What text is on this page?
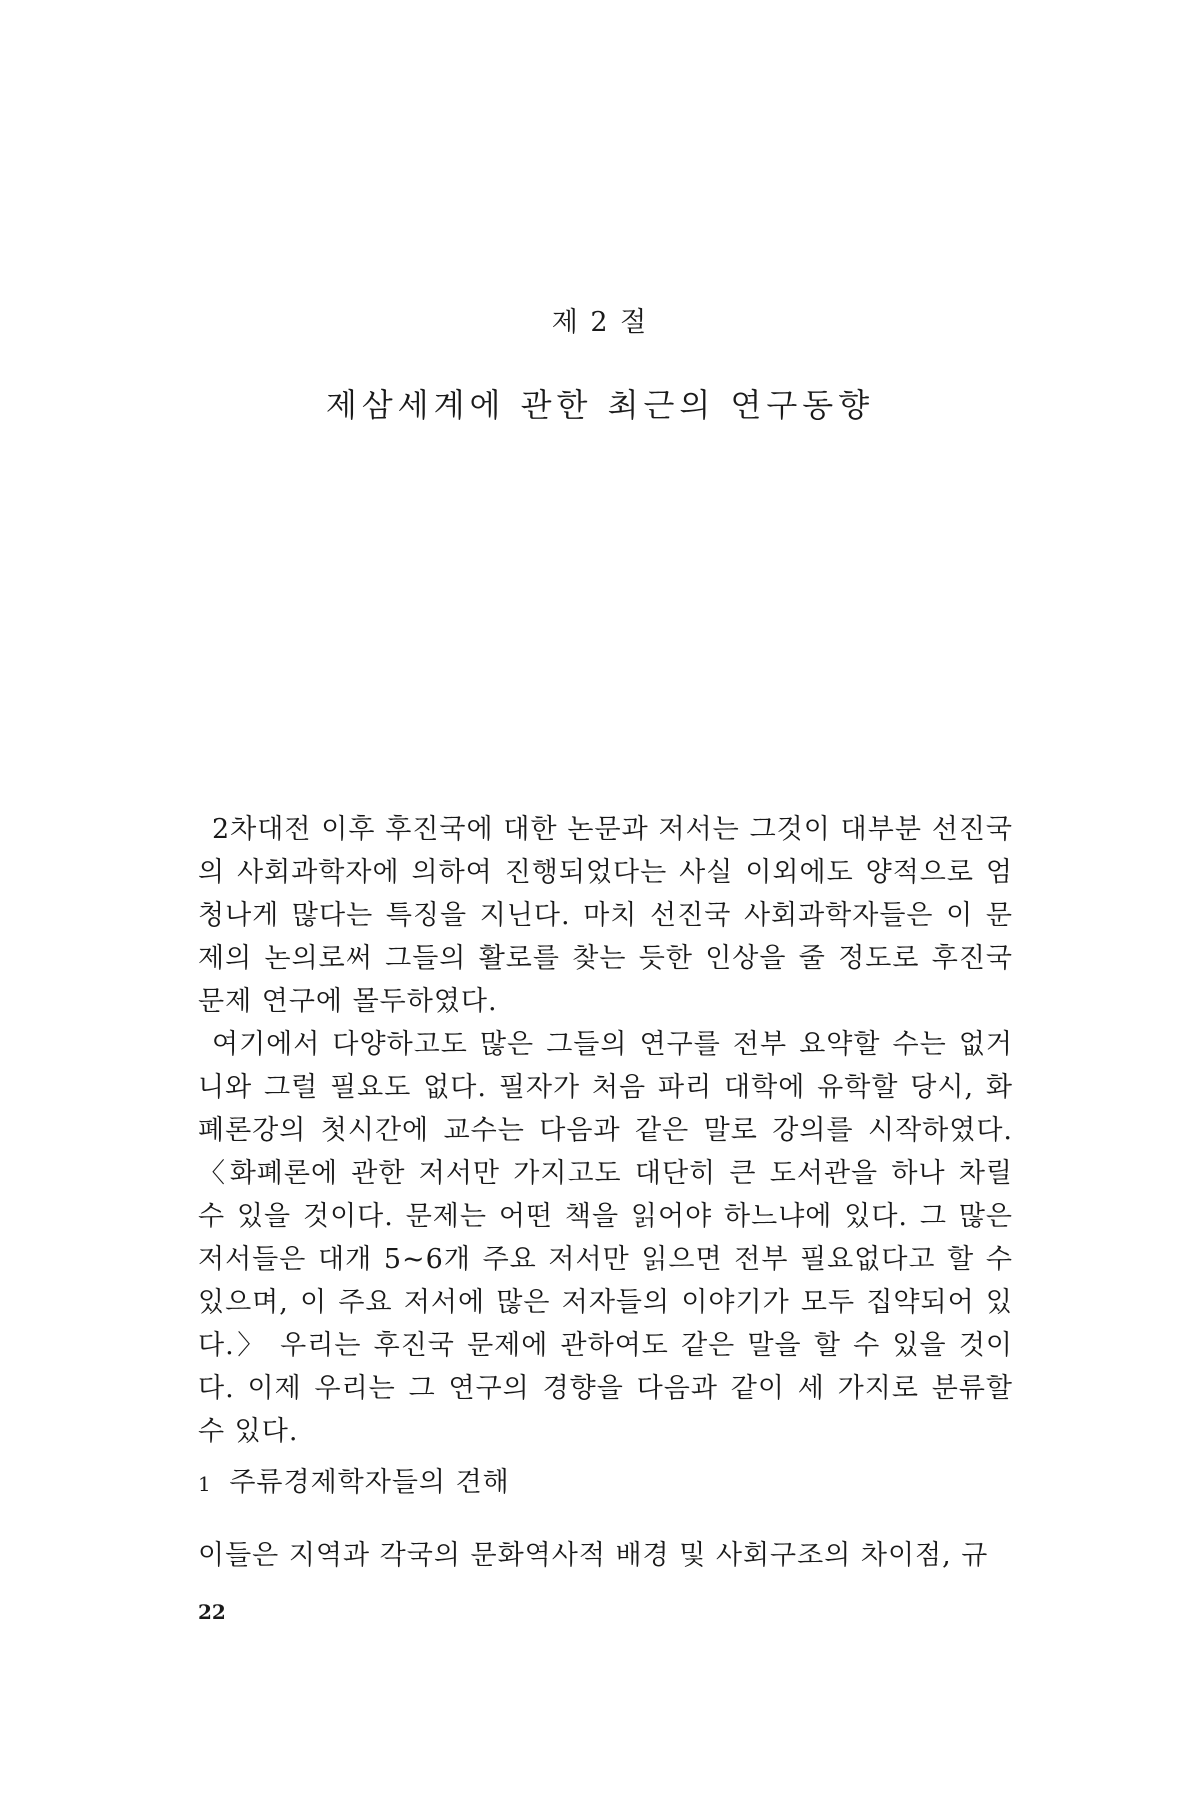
제 2 절
제삼세계에 관한 최근의 연구동향

2차대전 이후 후진국에 대한 논문과 저서는 그것이 대부분 선진국의 사회과학자에 의하여 진행되었다는 사실 이외에도 양적으로 엄청나게 많다는 특징을 지닌다. 마치 선진국 사회과학자들은 이 문제의 논의로써 그들의 활로를 찾는 듯한 인상을 줄 정도로 후진국 문제 연구에 몰두하였다.

여기에서 다양하고도 많은 그들의 연구를 전부 요약할 수는 없거니와 그럴 필요도 없다. 필자가 처음 파리 대학에 유학할 당시, 화폐론강의 첫시간에 교수는 다음과 같은 말로 강의를 시작하였다. 〈화폐론에 관한 저서만 가지고도 대단히 큰 도서관을 하나 차릴 수 있을 것이다. 문제는 어떤 책을 읽어야 하느냐에 있다. 그 많은 저서들은 대개 5~6개 주요 저서만 읽으면 전부 필요없다고 할 수 있으며, 이 주요 저서에 많은 저자들의 이야기가 모두 집약되어 있다.〉 우리는 후진국 문제에 관하여도 같은 말을 할 수 있을 것이다. 이제 우리는 그 연구의 경향을 다음과 같이 세 가지로 분류할 수 있다.

1 주류경제학자들의 견해
이들은 지역과 각국의 문화역사적 배경 및 사회구조의 차이점, 규
22
